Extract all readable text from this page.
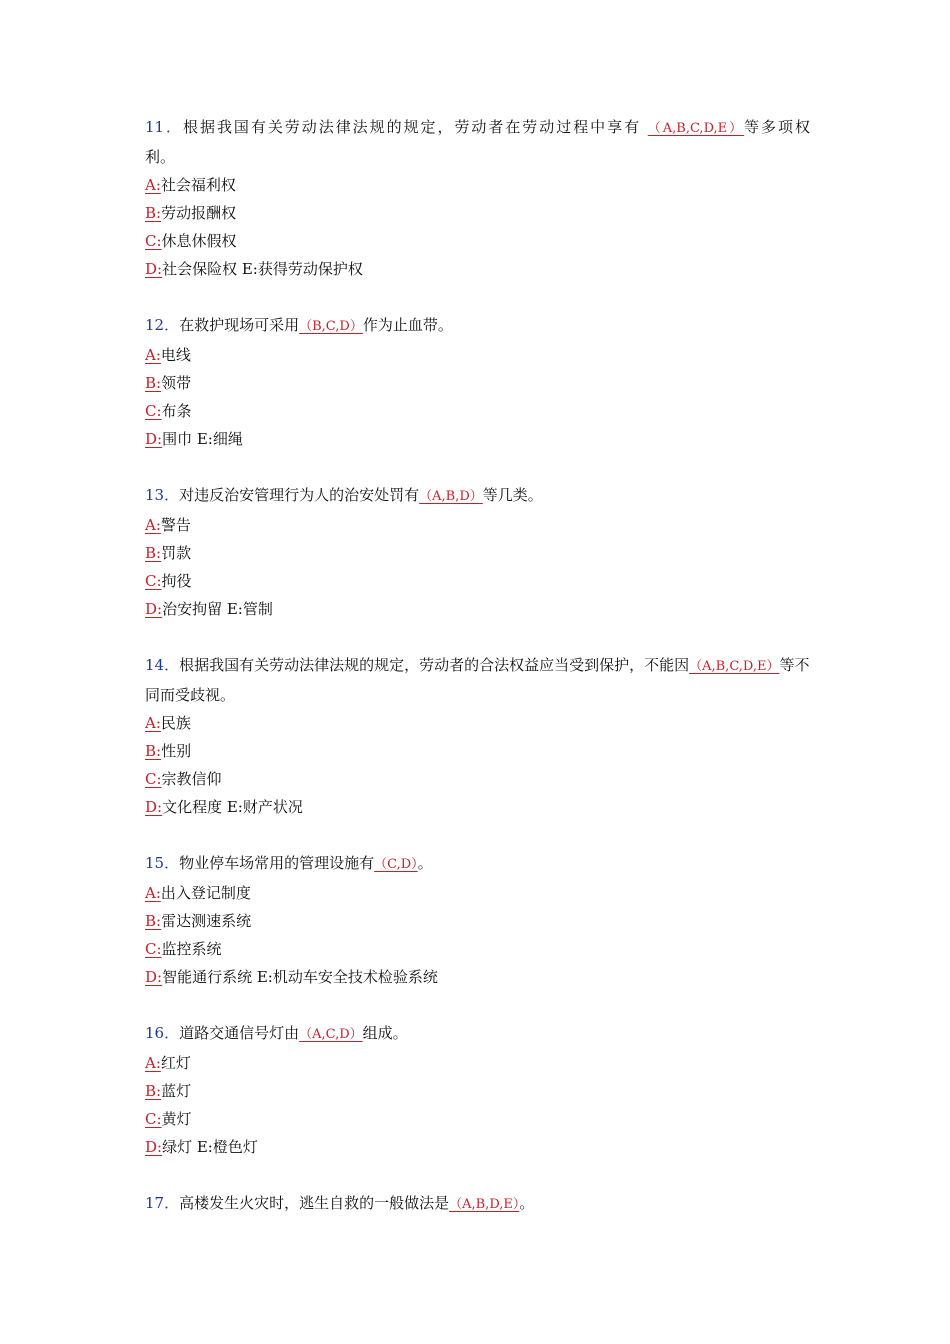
11．根据我国有关劳动法律法规的规定，劳动者在劳动过程中享有 （A,B,C,D,E）等多项权

利。

A:社会福利权

B:劳动报酬权

C:休息休假权

D:社会保险权 E:获得劳动保护权

12．在救护现场可采用（B,C,D）作为止血带。

A:电线

B:领带

C:布条

D:围巾 E:细绳

13．对违反治安管理行为人的治安处罚有（A,B,D）等几类。

A:警告

B:罚款

C:拘役

D:治安拘留 E:管制

14．根据我国有关劳动法律法规的规定，劳动者的合法权益应当受到保护，不能因（A,B,C,D,E）等不同而受歧视。

A:民族

B:性别

C:宗教信仰

D:文化程度 E:财产状况

15．物业停车场常用的管理设施有（C,D）。

A:出入登记制度

B:雷达测速系统

C:监控系统

D:智能通行系统 E:机动车安全技术检验系统

16．道路交通信号灯由（A,C,D）组成。

A:红灯

B:蓝灯

C:黄灯

D:绿灯 E:橙色灯

17．高楼发生火灾时，逃生自救的一般做法是（A,B,D,E）。
